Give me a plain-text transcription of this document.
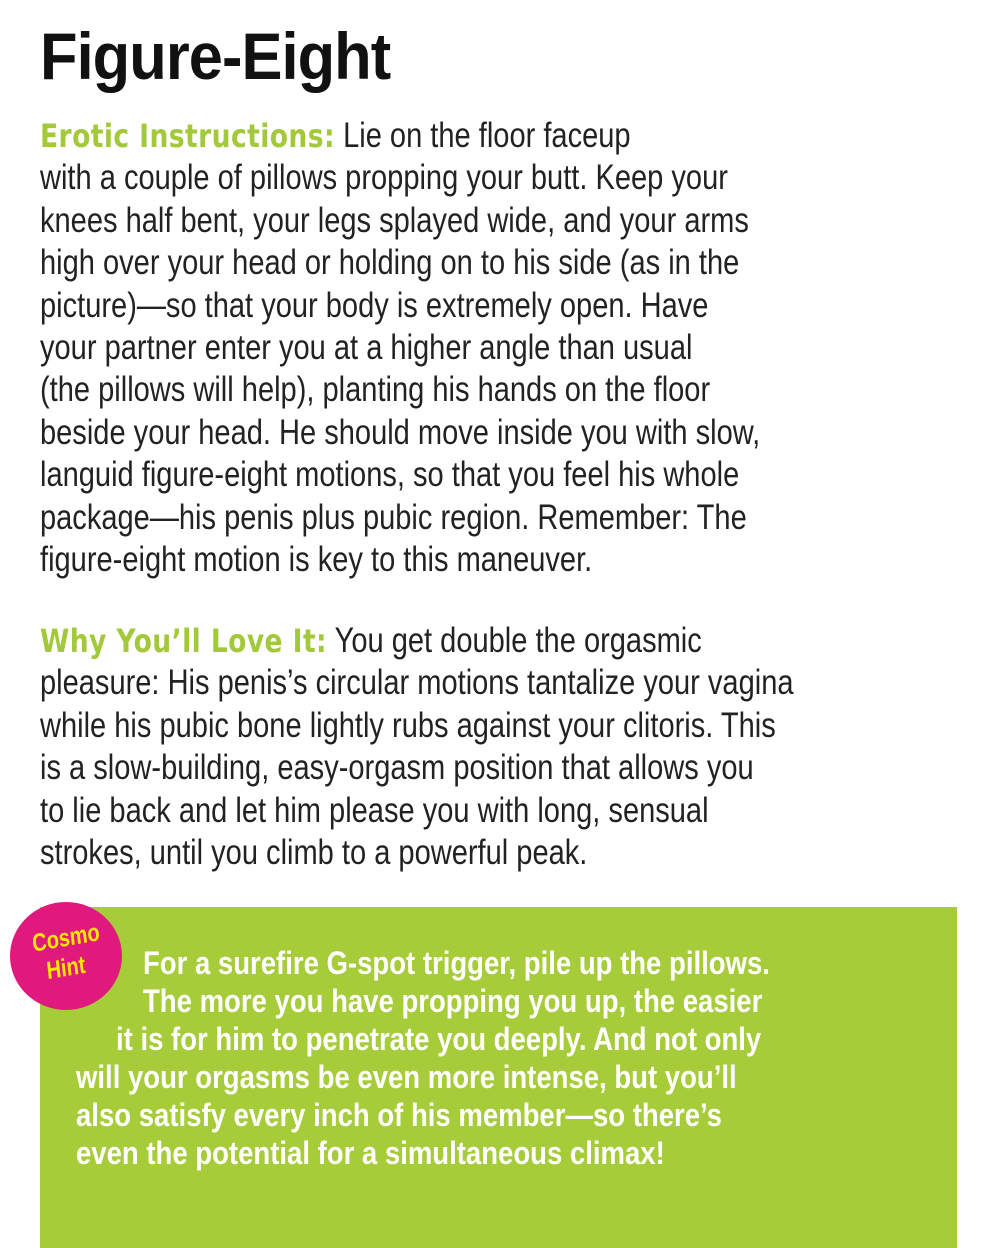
Figure-Eight
Erotic Instructions: Lie on the floor faceup
with a couple of pillows propping your butt. Keep your
knees half bent, your legs splayed wide, and your arms
high over your head or holding on to his side (as in the
picture)—so that your body is extremely open. Have
your partner enter you at a higher angle than usual
(the pillows will help), planting his hands on the floor
beside your head. He should move inside you with slow,
languid figure-eight motions, so that you feel his whole
package—his penis plus pubic region. Remember: The
figure-eight motion is key to this maneuver.
Why You’ll Love It: You get double the orgasmic
pleasure: His penis’s circular motions tantalize your vagina
while his pubic bone lightly rubs against your clitoris. This
is a slow-building, easy-orgasm position that allows you
to lie back and let him please you with long, sensual
strokes, until you climb to a powerful peak.
Cosmo
Hint	For a surefire G-spot trigger, pile up the pillows.
The more you have propping you up, the easier
it is for him to penetrate you deeply. And not only
will your orgasms be even more intense, but you’ll
also satisfy every inch of his member—so there’s
even the potential for a simultaneous climax!
